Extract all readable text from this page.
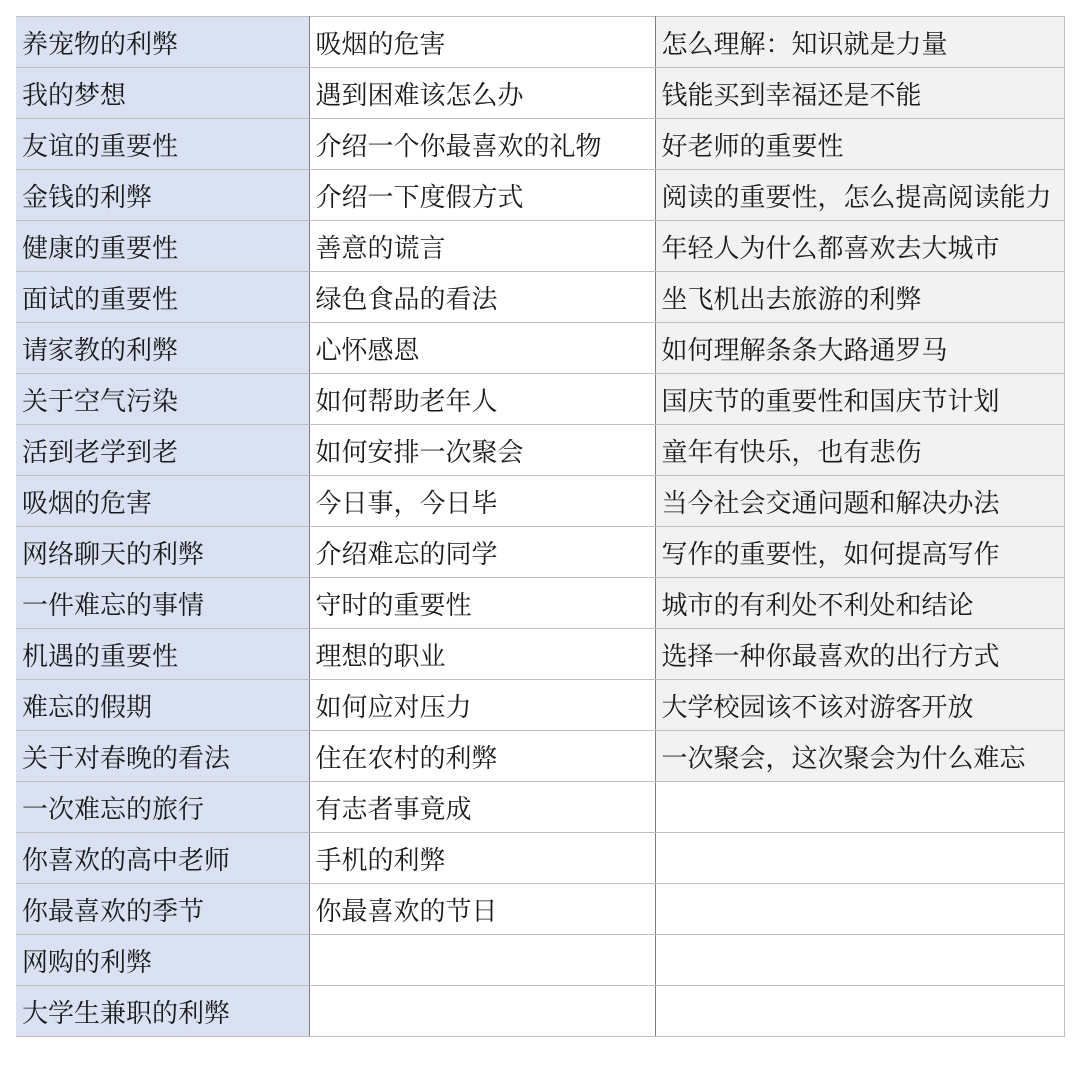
养宠物的利弊	吸烟的危害	怎么理解：知识就是力量
我的梦想	遇到困难该怎么办	钱能买到幸福还是不能
友谊的重要性	介绍一个你最喜欢的礼物	好老师的重要性
金钱的利弊	介绍一下度假方式	阅读的重要性，怎么提高阅读能力
健康的重要性	善意的谎言	年轻人为什么都喜欢去大城市
面试的重要性	绿色食品的看法	坐飞机出去旅游的利弊
请家教的利弊	心怀感恩	如何理解条条大路通罗马
关于空气污染	如何帮助老年人	国庆节的重要性和国庆节计划
活到老学到老	如何安排一次聚会	童年有快乐，也有悲伤
吸烟的危害	今日事，今日毕	当今社会交通问题和解决办法
网络聊天的利弊	介绍难忘的同学	写作的重要性，如何提高写作
一件难忘的事情	守时的重要性	城市的有利处不利处和结论
机遇的重要性	理想的职业	选择一种你最喜欢的出行方式
难忘的假期	如何应对压力	大学校园该不该对游客开放
关于对春晚的看法	住在农村的利弊	一次聚会，这次聚会为什么难忘
一次难忘的旅行	有志者事竟成	
你喜欢的高中老师	手机的利弊	
你最喜欢的季节	你最喜欢的节日	
网购的利弊		
大学生兼职的利弊		
